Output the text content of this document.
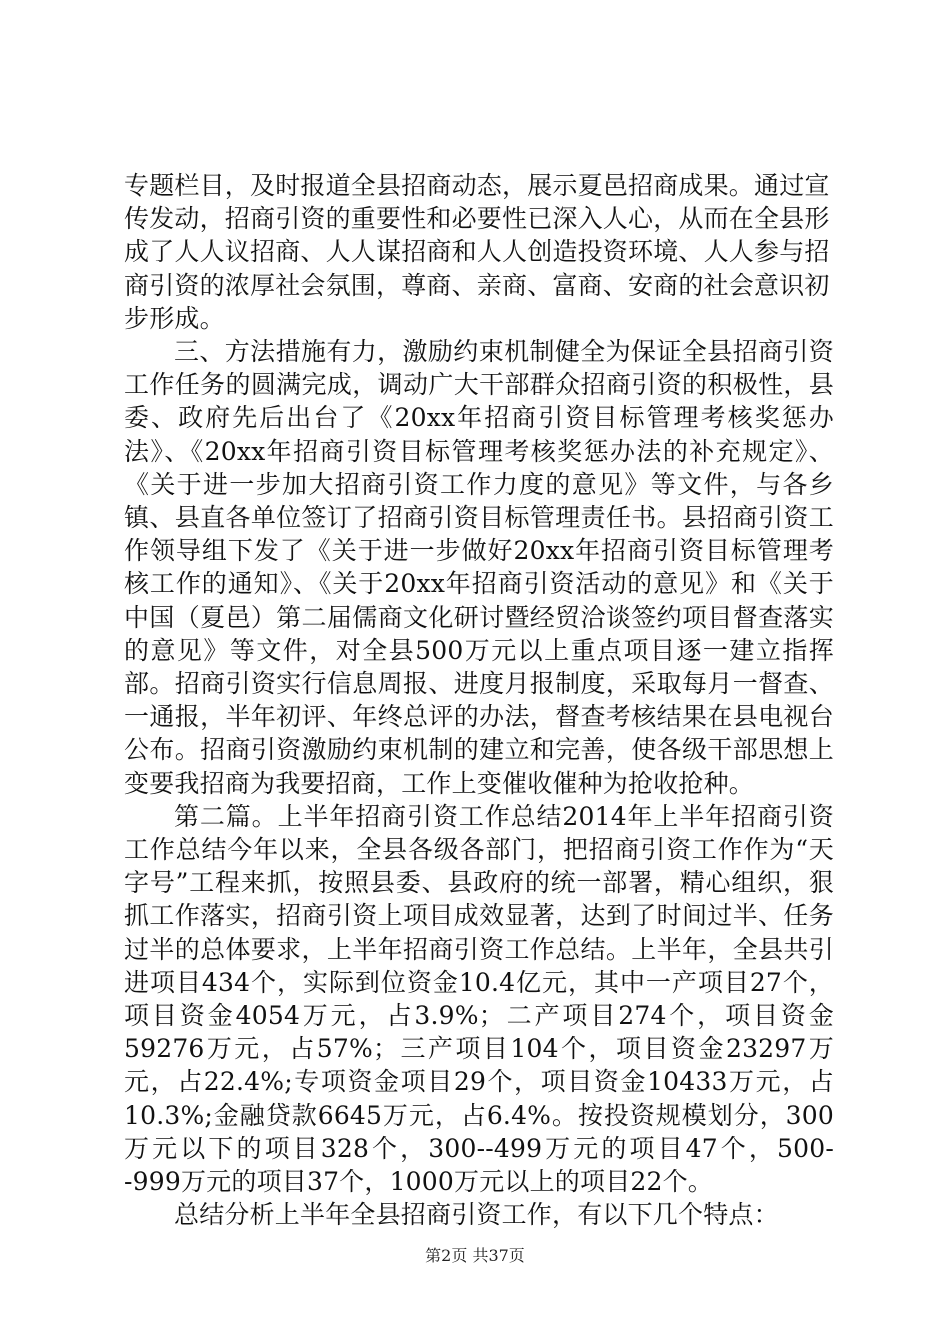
专题栏目，及时报道全县招商动态，展示夏邑招商成果。通过宣传发动，招商引资的重要性和必要性已深入人心，从而在全县形成了人人议招商、人人谋招商和人人创造投资环境、人人参与招商引资的浓厚社会氛围，尊商、亲商、富商、安商的社会意识初步形成。

三、方法措施有力，激励约束机制健全为保证全县招商引资工作任务的圆满完成，调动广大干部群众招商引资的积极性，县委、政府先后出台了《20xx年招商引资目标管理考核奖惩办法》、《20xx年招商引资目标管理考核奖惩办法的补充规定》、《关于进一步加大招商引资工作力度的意见》等文件，与各乡镇、县直各单位签订了招商引资目标管理责任书。县招商引资工作领导组下发了《关于进一步做好20xx年招商引资目标管理考核工作的通知》、《关于20xx年招商引资活动的意见》和《关于中国（夏邑）第二届儒商文化研讨暨经贸洽谈签约项目督查落实的意见》等文件，对全县500万元以上重点项目逐一建立指挥部。招商引资实行信息周报、进度月报制度，采取每月一督查、一通报，半年初评、年终总评的办法，督查考核结果在县电视台公布。招商引资激励约束机制的建立和完善，使各级干部思想上变要我招商为我要招商，工作上变催收催种为抢收抢种。

第二篇。上半年招商引资工作总结2014年上半年招商引资工作总结今年以来，全县各级各部门，把招商引资工作作为“天字号”工程来抓，按照县委、县政府的统一部署，精心组织，狠抓工作落实，招商引资上项目成效显著，达到了时间过半、任务过半的总体要求，上半年招商引资工作总结。上半年，全县共引进项目434个，实际到位资金10.4亿元，其中一产项目27个，项目资金4054万元，占3.9%；二产项目274个，项目资金59276万元，占57%；三产项目104个，项目资金23297万元，占22.4%;专项资金项目29个，项目资金10433万元，占10.3%;金融贷款6645万元，占6.4%。按投资规模划分，300万元以下的项目328个，300--499万元的项目47个，500--999万元的项目37个，1000万元以上的项目22个。

总结分析上半年全县招商引资工作，有以下几个特点：

第2页 共37页
